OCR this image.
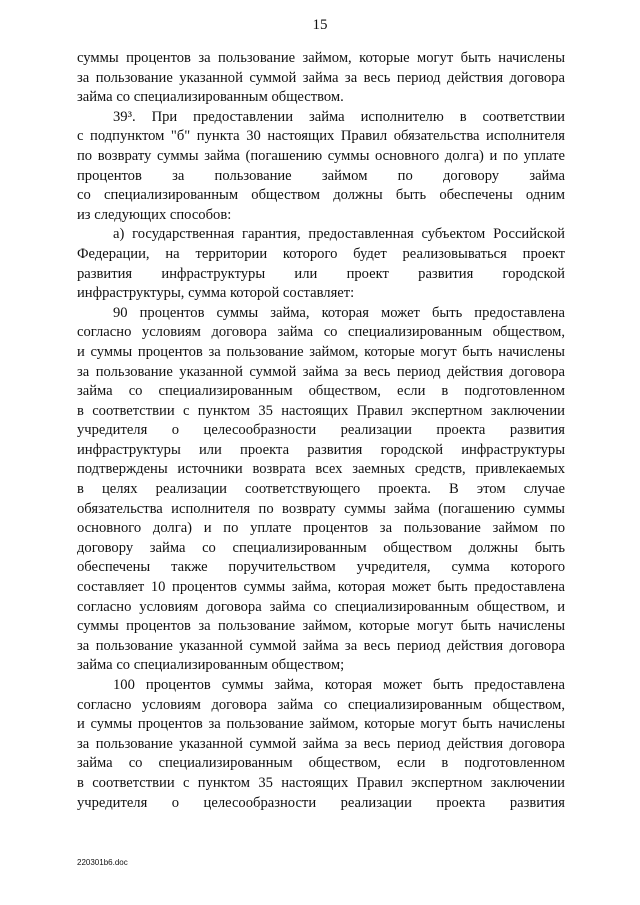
15
суммы процентов за пользование займом, которые могут быть начислены
за пользование указанной суммой займа за весь период действия договора
займа со специализированным обществом.
39³. При предоставлении займа исполнителю в соответствии
с подпунктом "б" пункта 30 настоящих Правил обязательства исполнителя
по возврату суммы займа (погашению суммы основного долга) и по уплате
процентов за пользование займом по договору займа
со специализированным обществом должны быть обеспечены одним
из следующих способов:
а) государственная гарантия, предоставленная субъектом Российской
Федерации, на территории которого будет реализовываться проект
развития инфраструктуры или проект развития городской
инфраструктуры, сумма которой составляет:
90 процентов суммы займа, которая может быть предоставлена
согласно условиям договора займа со специализированным обществом,
и суммы процентов за пользование займом, которые могут быть начислены
за пользование указанной суммой займа за весь период действия договора
займа со специализированным обществом, если в подготовленном
в соответствии с пунктом 35 настоящих Правил экспертном заключении
учредителя о целесообразности реализации проекта развития
инфраструктуры или проекта развития городской инфраструктуры
подтверждены источники возврата всех заемных средств, привлекаемых
в целях реализации соответствующего проекта. В этом случае
обязательства исполнителя по возврату суммы займа (погашению суммы
основного долга) и по уплате процентов за пользование займом по
договору займа со специализированным обществом должны быть
обеспечены также поручительством учредителя, сумма которого
составляет 10 процентов суммы займа, которая может быть предоставлена
согласно условиям договора займа со специализированным обществом, и
суммы процентов за пользование займом, которые могут быть начислены
за пользование указанной суммой займа за весь период действия договора
займа со специализированным обществом;
100 процентов суммы займа, которая может быть предоставлена
согласно условиям договора займа со специализированным обществом,
и суммы процентов за пользование займом, которые могут быть начислены
за пользование указанной суммой займа за весь период действия договора
займа со специализированным обществом, если в подготовленном
в соответствии с пунктом 35 настоящих Правил экспертном заключении
учредителя о целесообразности реализации проекта развития
220301b6.doc
